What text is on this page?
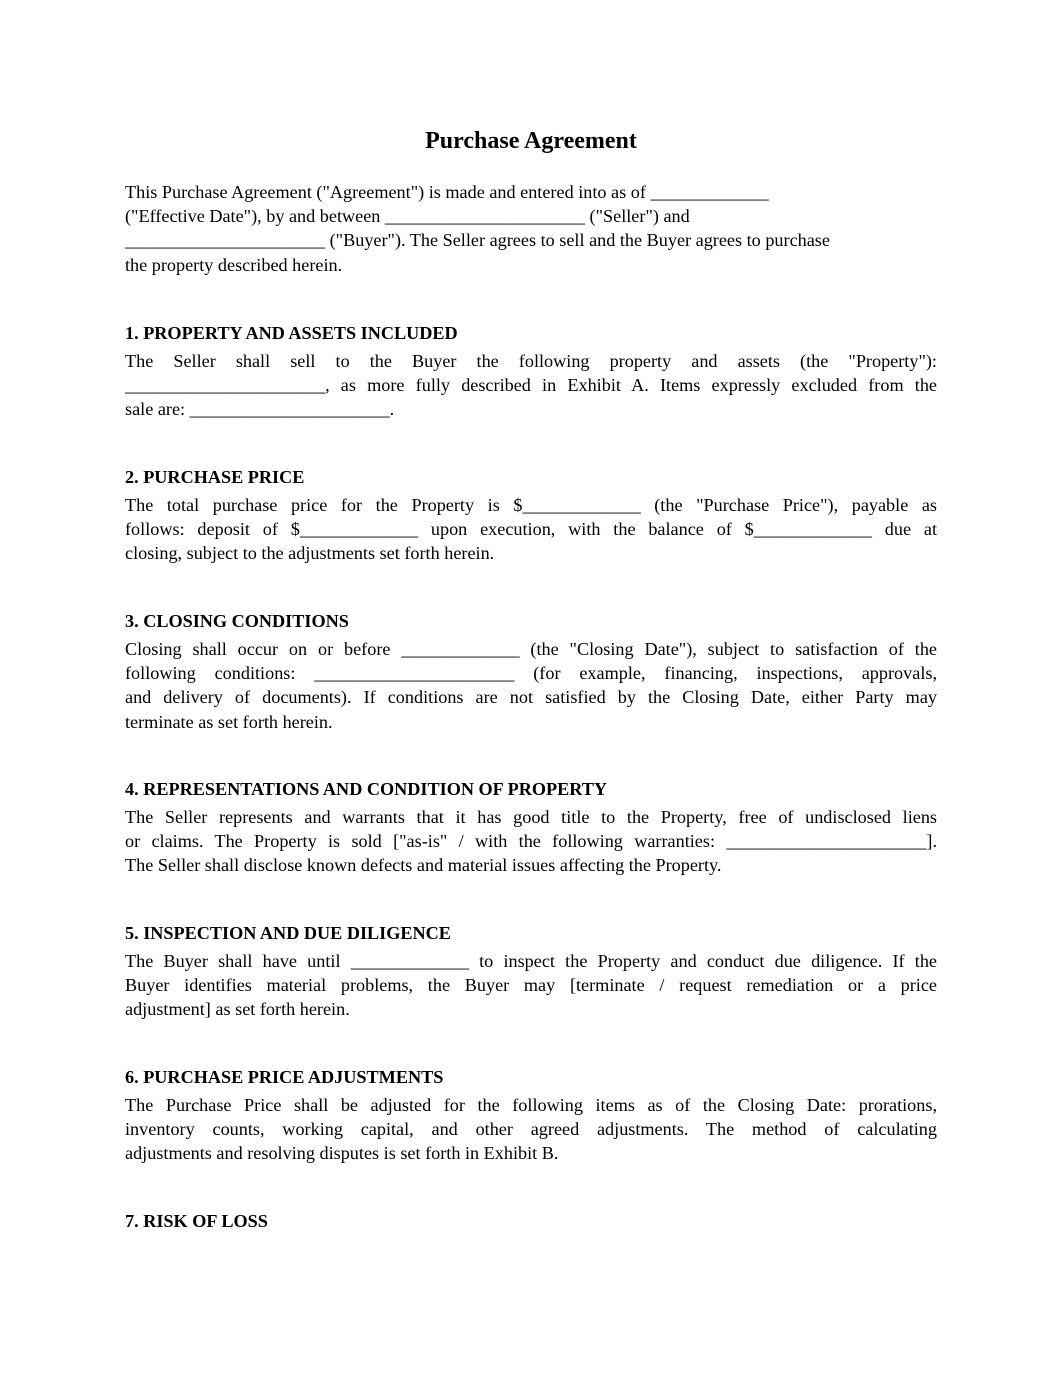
Purchase Agreement
This Purchase Agreement ("Agreement") is made and entered into as of _____________
("Effective Date"), by and between ______________________ ("Seller") and
______________________ ("Buyer"). The Seller agrees to sell and the Buyer agrees to purchase
the property described herein.
1. PROPERTY AND ASSETS INCLUDED
The Seller shall sell to the Buyer the following property and assets (the "Property"):
______________________, as more fully described in Exhibit A. Items expressly excluded from the
sale are: ______________________.
2. PURCHASE PRICE
The total purchase price for the Property is $_____________ (the "Purchase Price"), payable as
follows: deposit of $_____________ upon execution, with the balance of $_____________ due at
closing, subject to the adjustments set forth herein.
3. CLOSING CONDITIONS
Closing shall occur on or before _____________ (the "Closing Date"), subject to satisfaction of the
following conditions: ______________________ (for example, financing, inspections, approvals,
and delivery of documents). If conditions are not satisfied by the Closing Date, either Party may
terminate as set forth herein.
4. REPRESENTATIONS AND CONDITION OF PROPERTY
The Seller represents and warrants that it has good title to the Property, free of undisclosed liens
or claims. The Property is sold ["as-is" / with the following warranties: ______________________].
The Seller shall disclose known defects and material issues affecting the Property.
5. INSPECTION AND DUE DILIGENCE
The Buyer shall have until _____________ to inspect the Property and conduct due diligence. If the
Buyer identifies material problems, the Buyer may [terminate / request remediation or a price
adjustment] as set forth herein.
6. PURCHASE PRICE ADJUSTMENTS
The Purchase Price shall be adjusted for the following items as of the Closing Date: prorations,
inventory counts, working capital, and other agreed adjustments. The method of calculating
adjustments and resolving disputes is set forth in Exhibit B.
7. RISK OF LOSS
